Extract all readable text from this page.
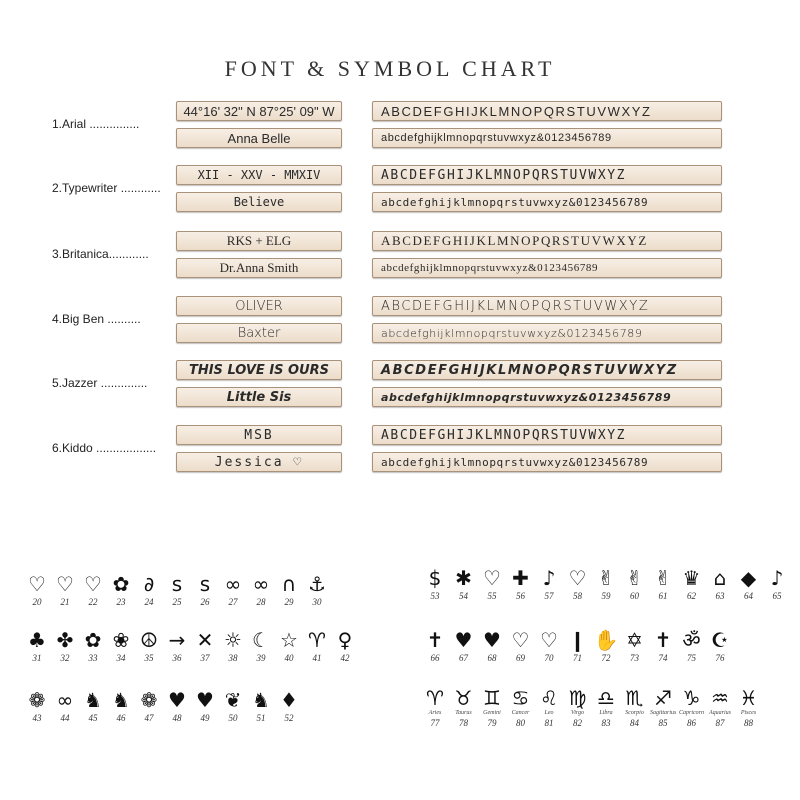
FONT & SYMBOL CHART
1.Arial ...............
44°16' 32" N 87°25' 09" W
Anna Belle
ABCDEFGHIJKLMNOPQRSTUVWXYZ
abcdefghijklmnopqrstuvwxyz&0123456789
2.Typewriter ............
XII - XXV - MMXIV
Believe
ABCDEFGHIJKLMNOPQRSTUVWXYZ
abcdefghijklmnopqrstuvwxyz&0123456789
3.Britanica............
RKS + ELG
Dr.Anna Smith
ABCDEFGHIJKLMNOPQRSTUVWXYZ
abcdefghijklmnopqrstuvwxyz&0123456789
4.Big Ben ..........
OLIVER
Baxter
ABCDEFGHIJKLMNOPQRSTUVWXYZ
abcdefghijklmnopqrstuvwxyz&0123456789
5.Jazzer ..............
THIS LOVE IS OURS
Little Sis
ABCDEFGHIJKLMNOPQRSTUVWXYZ
abcdefghijklmnopqrstuvwxyz&0123456789
6.Kiddo ..................
MSB
Jessica ♡
ABCDEFGHIJKLMNOPQRSTUVWXYZ
abcdefghijklmnopqrstuvwxyz&0123456789
♡
20
♡
21
♡
22
✿
23
∂
24
ѕ
25
ѕ
26
∞
27
∞
28
∩
29
⚓
30
♣
31
✤
32
✿
33
❀
34
☮
35
→
36
✕
37
☼
38
☾
39
☆
40
♈
41
♀
42
❁
43
∞
44
♞
45
♞
46
❁
47
♥
48
♥
49
❦
50
♞
51
♦
52
$
53
✱
54
♡
55
✚
56
♪
57
♡
58
✌
59
✌
60
✌
61
♛
62
⌂
63
◆
64
♪
65
✝
66
♥
67
♥
68
♡
69
♡
70
❙
71
✋
72
✡
73
✝
74
ॐ
75
☪
76
♈
Aries
77
♉
Taurus
78
♊
Gemini
79
♋
Cancer
80
♌
Leo
81
♍
Virgo
82
♎
Libra
83
♏
Scorpio
84
♐
Sagittarius
85
♑
Capricorn
86
♒
Aquarius
87
♓
Pisces
88
